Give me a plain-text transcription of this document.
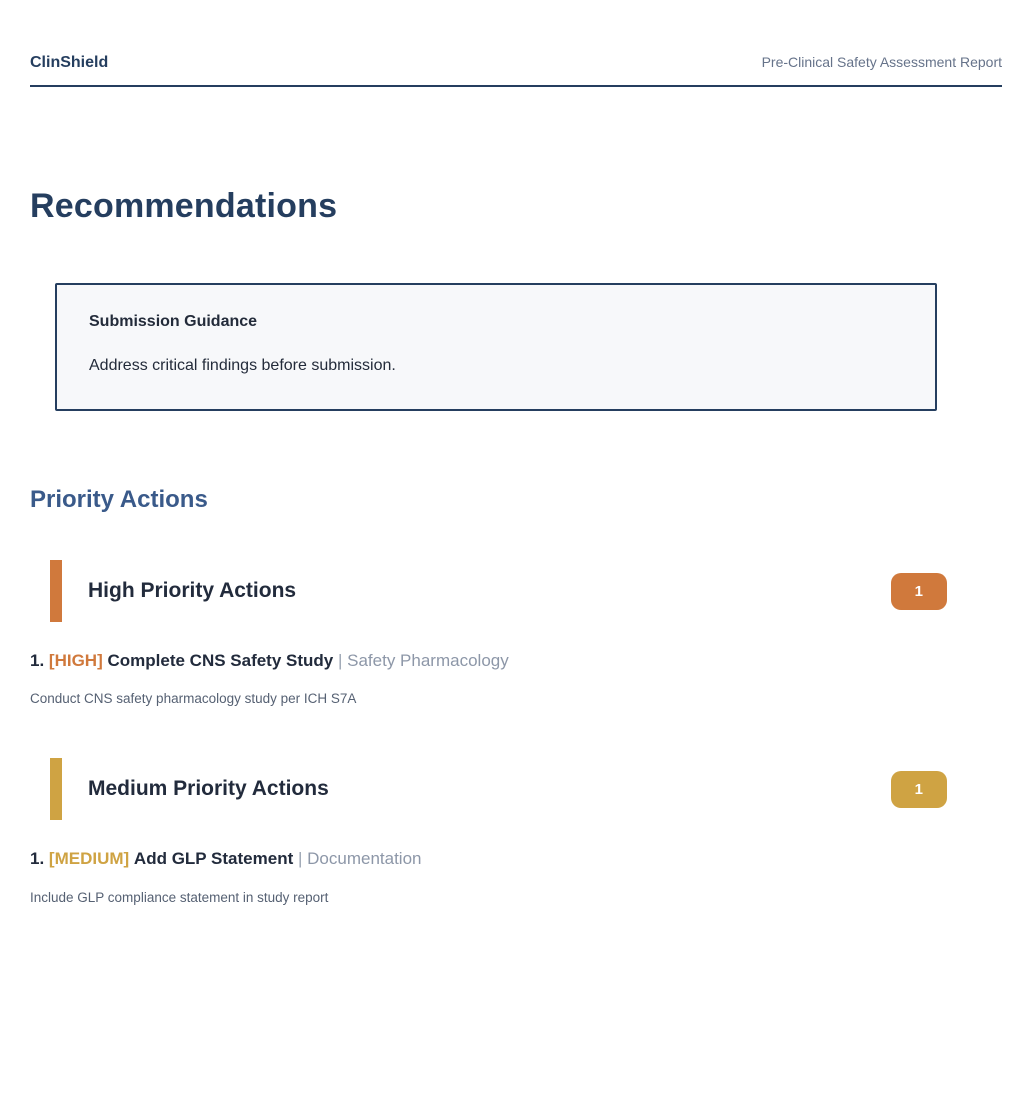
ClinShield	Pre-Clinical Safety Assessment Report
Recommendations
Submission Guidance
Address critical findings before submission.
Priority Actions
High Priority Actions	1

1. [HIGH] Complete CNS Safety Study | Safety Pharmacology

Conduct CNS safety pharmacology study per ICH S7A

Medium Priority Actions	1

1. [MEDIUM] Add GLP Statement | Documentation

Include GLP compliance statement in study report
